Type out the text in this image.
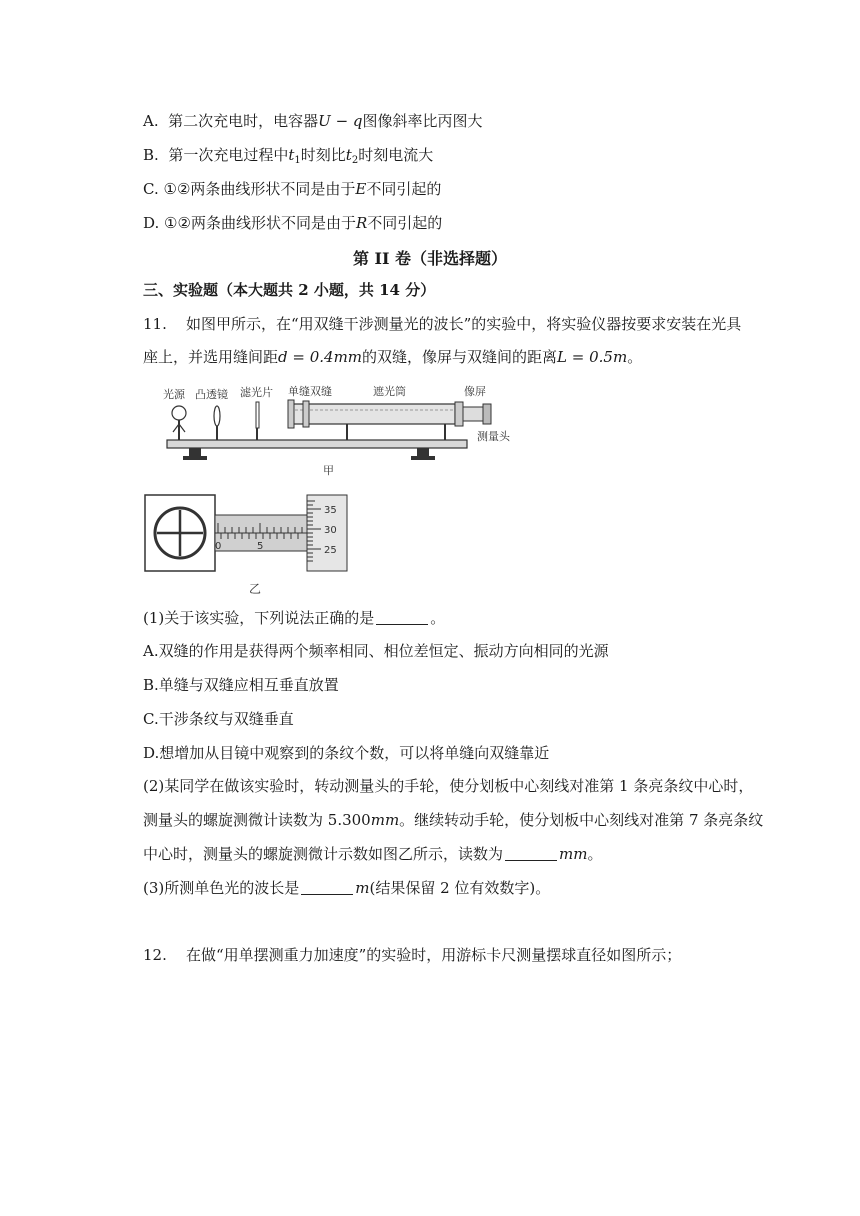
A. 第二次充电时，电容器U − q图像斜率比丙图大
B. 第一次充电过程中$t_1$时刻比$t_2$时刻电流大
C. ①②两条曲线形状不同是由于E不同引起的
D. ①②两条曲线形状不同是由于R不同引起的
第 II 卷（非选择题）
三、实验题（本大题共 2 小题，共 14 分）
11. 如图甲所示，在“用双缝干涉测量光的波长”的实验中，将实验仪器按要求安装在光具
座上，并选用缝间距d = 0.4mm的双缝，像屏与双缝间的距离L = 0.5m。
光源 凸透镜 滤光片 单缝双缝	遮光筒	像屏
测量头
甲
0	5
35
30
25
乙
(1)关于该实验，下列说法正确的是	。
A.双缝的作用是获得两个频率相同、相位差恒定、振动方向相同的光源
B.单缝与双缝应相互垂直放置
C.干涉条纹与双缝垂直
D.想增加从目镜中观察到的条纹个数，可以将单缝向双缝靠近
(2)某同学在做该实验时，转动测量头的手轮，使分划板中心刻线对准第 1 条亮条纹中心时，
测量头的螺旋测微计读数为 5.300mm。继续转动手轮，使分划板中心刻线对准第 7 条亮条纹
中心时，测量头的螺旋测微计示数如图乙所示，读数为	mm。
(3)所测单色光的波长是	m(结果保留 2 位有效数字)。
12. 在做“用单摆测重力加速度”的实验时，用游标卡尺测量摆球直径如图所示；
